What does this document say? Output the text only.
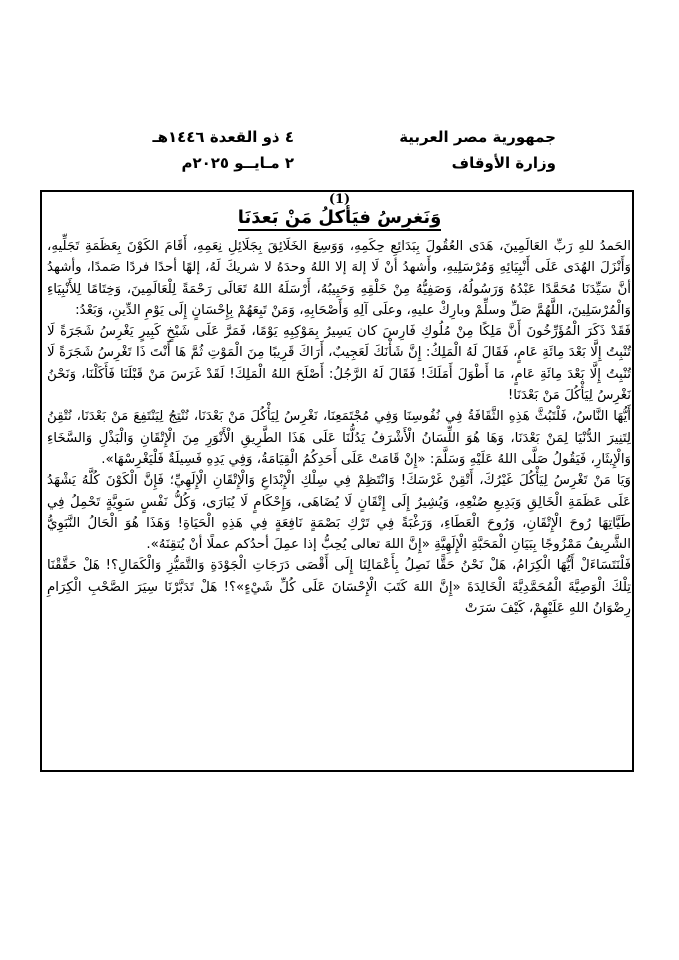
جمهورية مصر العربية
وزارة الأوقاف
٤ ذو القعدة ١٤٤٦هـ
٢ مـايــو ٢٠٢٥م
(1)
وَنَغرِسُ فيَأكلُ مَنْ بَعدَنَا

الحَمدُ للهِ رَبِّ العَالَمِينَ، هَدَى العُقُولَ بِبَدَائِعِ حِكَمِهِ، وَوَسِعَ الخَلَائِقَ بِجَلَائِلِ نِعَمِهِ، أَقَامَ الكَوْنَ بِعَظَمَةِ تَجَلِّيهِ، وَأَنْزَلَ الهُدَى عَلَى أَنْبِيَائِهِ وَمُرْسَلِيهِ، وأَشهدُ أنْ لَا إلهَ إلا اللهُ وحدَهُ لا شريكَ لَهُ، إلهًا أحدًا فردًا صَمدًا، وأشهدُ أنَّ سَيِّدَنَا مُحَمَّدًا عَبْدُهُ وَرَسُولُهُ، وَصَفِيُّهُ مِنْ خَلْقِهِ وَحَبِيبُهُ، أَرْسَلَهُ اللهُ تَعَالَى رَحْمَةً لِلْعَالَمِينَ، وَخِتَامًا لِلأَنْبِيَاءِ وَالْمُرْسَلِينَ، اللَّهُمَّ صَلِّ وسلِّمْ وبارِكْ عليهِ، وعلَى آلِهِ وَأَصْحَابِهِ، وَمَنْ تَبِعَهُمْ بِإِحْسَانٍ إِلَى يَوْمِ الدِّينِ، وَبَعْدُ:

فَقَدْ ذَكَرَ الْمُؤَرِّخُونَ أَنَّ مَلِكًا مِنْ مُلُوكِ فَارِسَ كان يَسِيرُ بِمَوْكِبِهِ يَوْمًا، فَمَرَّ عَلَى شَيْخٍ كَبِيرٍ يَغْرِسُ شَجَرَةً لَا تُنْبِتُ إِلَّا بَعْدَ مِائَةِ عَامٍ، فَقَالَ لَهُ الْمَلِكُ: إِنَّ شَأْنَكَ لَعَجِيبٌ، أَرَاكَ قَرِيبًا مِنَ الْمَوْتِ ثُمَّ هَا أَنْتَ ذَا تَغْرِسُ شَجَرَةً لَا تُنْبِتُ إِلَّا بَعْدَ مِائَةِ عَامٍ، مَا أَطْوَلَ أَمَلَكَ! فَقَالَ لَهُ الرَّجُلُ: أَصْلَحَ اللهُ الْمَلِكَ! لَقَدْ غَرَسَ مَنْ قَبْلَنَا فَأَكَلْنَا، وَنَحْنُ نَغْرِسُ لِيَأْكُلَ مَنْ بَعْدَنَا!

أَيُّهَا النَّاسُ، فَلْتَبُثَّ هَذِهِ الثَّقَافَةُ فِي نُفُوسِنَا وَفِي مُجْتَمَعِنَا، نَغْرِسُ لِيَأْكُلَ مَنْ بَعْدَنَا، نُنْتِجُ لِيَنْتَفِعَ مَنْ بَعْدَنَا، نُتْقِنُ لِتَنِيرَ الدُّنْيَا لِمَنْ بَعْدَنَا، وَهَا هُوَ اللِّسَانُ الْأَشْرَفُ يَدُلُّنَا عَلَى هَذَا الطَّرِيقِ الْأَنْوَرِ مِنَ الْإِتْقَانِ وَالْبَذْلِ وَالسَّخَاءِ وَالْإِيثَارِ، فَيَقُولُ صَلَّى اللهُ عَلَيْهِ وَسَلَّمَ: «إِنْ قَامَتْ عَلَى أَحَدِكُمُ الْقِيَامَةُ، وَفِي يَدِهِ فَسِيلَةٌ فَلْيَغْرِسْهَا».

وَيَا مَنْ تَغْرِسُ لِيَأْكُلَ غَيْرُكَ، أَتْقِنْ غَرْسَكَ! وَانْتَظِمْ فِي سِلْكِ الْإِبْدَاعِ وَالْإِتْقَانِ الْإِلَهِيِّ؛ فَإِنَّ الْكَوْنَ كُلَّهُ يَشْهَدُ عَلَى عَظَمَةِ الْخَالِقِ وَبَدِيعِ صُنْعِهِ، وَيُشِيرُ إِلَى إِتْقَانٍ لَا يُضَاهَى، وَإِحْكَامٍ لَا يُبَارَى، وَكُلُّ نَفْسٍ سَوِيَّةٍ تَحْمِلُ فِي طَيَّاتِهَا رُوحَ الْإِتْقَانِ، وَرُوحَ الْعَطَاءِ، وَرَغْبَةً فِي تَرْكِ بَصْمَةٍ نَافِعَةٍ فِي هَذِهِ الْحَيَاةِ! وَهَذَا هُوَ الْحَالُ النَّبَوِيُّ الشَّرِيفُ مَمْزُوجًا بِبَيَانِ الْمَحَبَّةِ الْإِلَهِيَّةِ «إِنَّ اللهَ تعالى يُحِبُّ إذا عمِلَ أحدُكم عملًا أنْ يُتقِنَهُ».

فَلْنَتَسَاءَلْ أَيُّهَا الْكِرَامُ، هَلْ نَحْنُ حَقًّا نَصِلُ بِأَعْمَالِنَا إِلَى أَقْصَى دَرَجَاتِ الْجَوْدَةِ وَالتَّمَيُّزِ وَالْكَمَالِ؟! هَلْ حَقَّقْنَا تِلْكَ الْوَصِيَّةَ الْمُحَمَّدِيَّةَ الْخَالِدَةَ «إِنَّ اللهَ كَتَبَ الْإِحْسَانَ عَلَى كُلِّ شَيْءٍ»؟! هَلْ تَدَبَّرْنَا سِيَرَ الصَّحْبِ الْكِرَامِ رِضْوَانُ اللهِ عَلَيْهِمْ، كَيْفَ سَرَتْ
